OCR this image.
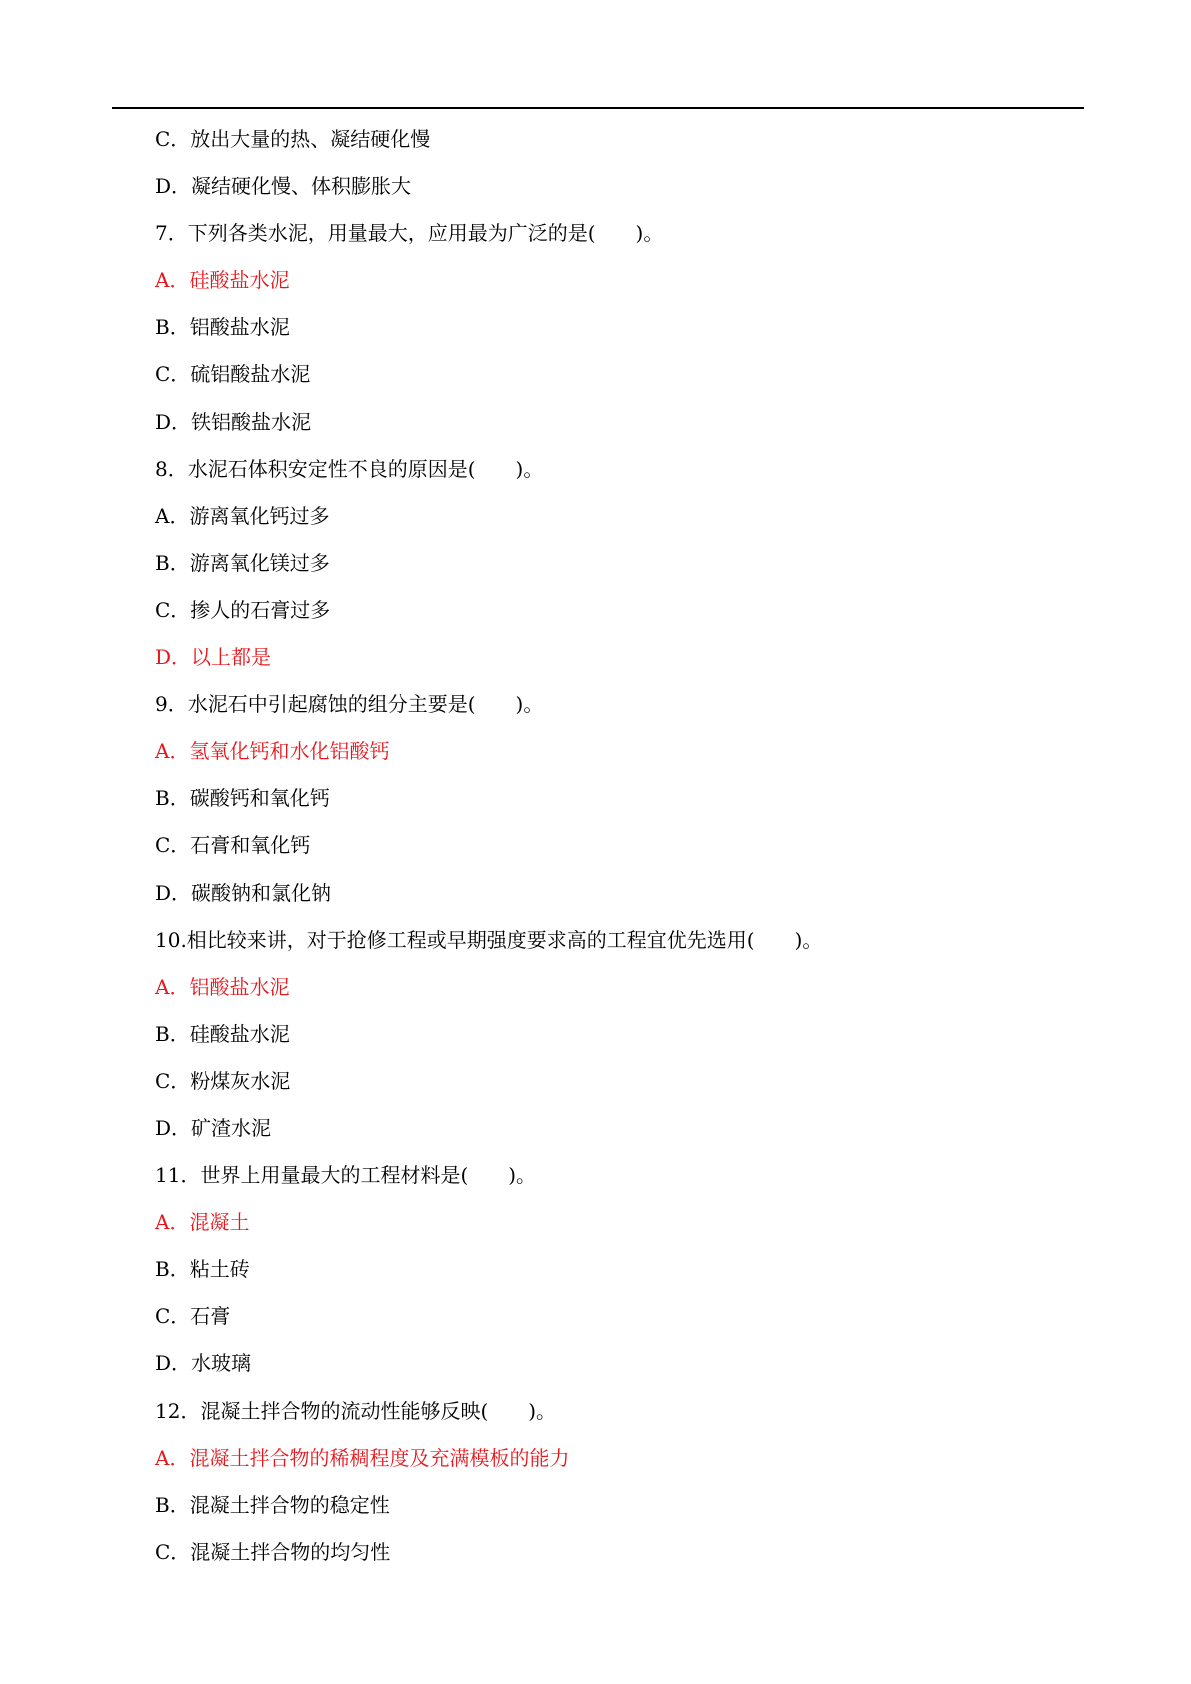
C．放出大量的热、凝结硬化慢
D．凝结硬化慢、体积膨胀大
7．下列各类水泥，用量最大，应用最为广泛的是(　　)。
A．硅酸盐水泥
B．铝酸盐水泥
C．硫铝酸盐水泥
D．铁铝酸盐水泥
8．水泥石体积安定性不良的原因是(　　)。
A．游离氧化钙过多
B．游离氧化镁过多
C．掺人的石膏过多
D．以上都是
9．水泥石中引起腐蚀的组分主要是(　　)。
A．氢氧化钙和水化铝酸钙
B．碳酸钙和氧化钙
C．石膏和氧化钙
D．碳酸钠和氯化钠
10.相比较来讲，对于抢修工程或早期强度要求高的工程宜优先选用(　　)。
A．铝酸盐水泥
B．硅酸盐水泥
C．粉煤灰水泥
D．矿渣水泥
11．世界上用量最大的工程材料是(　　)。
A．混凝土
B．粘土砖
C．石膏
D．水玻璃
12．混凝土拌合物的流动性能够反映(　　)。
A．混凝土拌合物的稀稠程度及充满模板的能力
B．混凝土拌合物的稳定性
C．混凝土拌合物的均匀性
